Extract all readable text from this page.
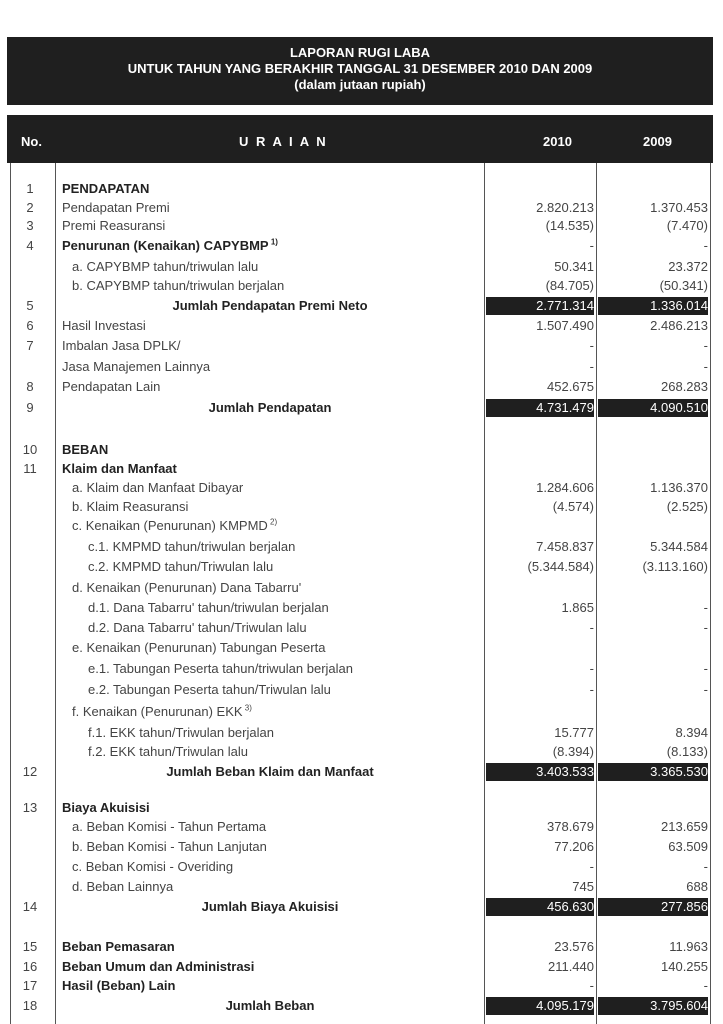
LAPORAN RUGI LABA
UNTUK TAHUN YANG BERAKHIR TANGGAL 31 DESEMBER 2010 DAN 2009
(dalam jutaan rupiah)
No.	U R A I A N	2010	2009
1	PENDAPATAN
2	Pendapatan Premi	2.820.213	1.370.453
3	Premi Reasuransi	(14.535)	(7.470)
4	Penurunan (Kenaikan) CAPYBMP $^{1)}$	-	-
a. CAPYBMP tahun/triwulan lalu	50.341	23.372
b. CAPYBMP tahun/triwulan berjalan	(84.705)	(50.341)
5	Jumlah Pendapatan Premi Neto	2.771.314	1.336.014
6	Hasil Investasi	1.507.490	2.486.213
7	Imbalan Jasa DPLK/	-	-
Jasa Manajemen Lainnya	-	-
8	Pendapatan Lain	452.675	268.283
9	Jumlah Pendapatan	4.731.479	4.090.510
10	BEBAN
11	Klaim dan Manfaat
a. Klaim dan Manfaat Dibayar	1.284.606	1.136.370
b. Klaim Reasuransi	(4.574)	(2.525)
c. Kenaikan (Penurunan) KMPMD $^{2)}$
c.1. KMPMD tahun/triwulan berjalan	7.458.837	5.344.584
c.2. KMPMD tahun/Triwulan lalu	(5.344.584)	(3.113.160)
d. Kenaikan (Penurunan) Dana Tabarru'
d.1. Dana Tabarru' tahun/triwulan berjalan	1.865	-
d.2. Dana Tabarru' tahun/Triwulan lalu	-	-
e. Kenaikan (Penurunan) Tabungan Peserta
e.1. Tabungan Peserta tahun/triwulan berjalan	-	-
e.2. Tabungan Peserta tahun/Triwulan lalu	-	-
f. Kenaikan (Penurunan) EKK $^{3)}$
f.1. EKK tahun/Triwulan berjalan	15.777	8.394
f.2. EKK tahun/Triwulan lalu	(8.394)	(8.133)
12	Jumlah Beban Klaim dan Manfaat	3.403.533	3.365.530
13	Biaya Akuisisi
a. Beban Komisi - Tahun Pertama	378.679	213.659
b. Beban Komisi - Tahun Lanjutan	77.206	63.509
c. Beban Komisi - Overiding	-	-
d. Beban Lainnya	745	688
14	Jumlah Biaya Akuisisi	456.630	277.856
15	Beban Pemasaran	23.576	11.963
16	Beban Umum dan Administrasi	211.440	140.255
17	Hasil (Beban) Lain	-	-
18	Jumlah Beban	4.095.179	3.795.604
